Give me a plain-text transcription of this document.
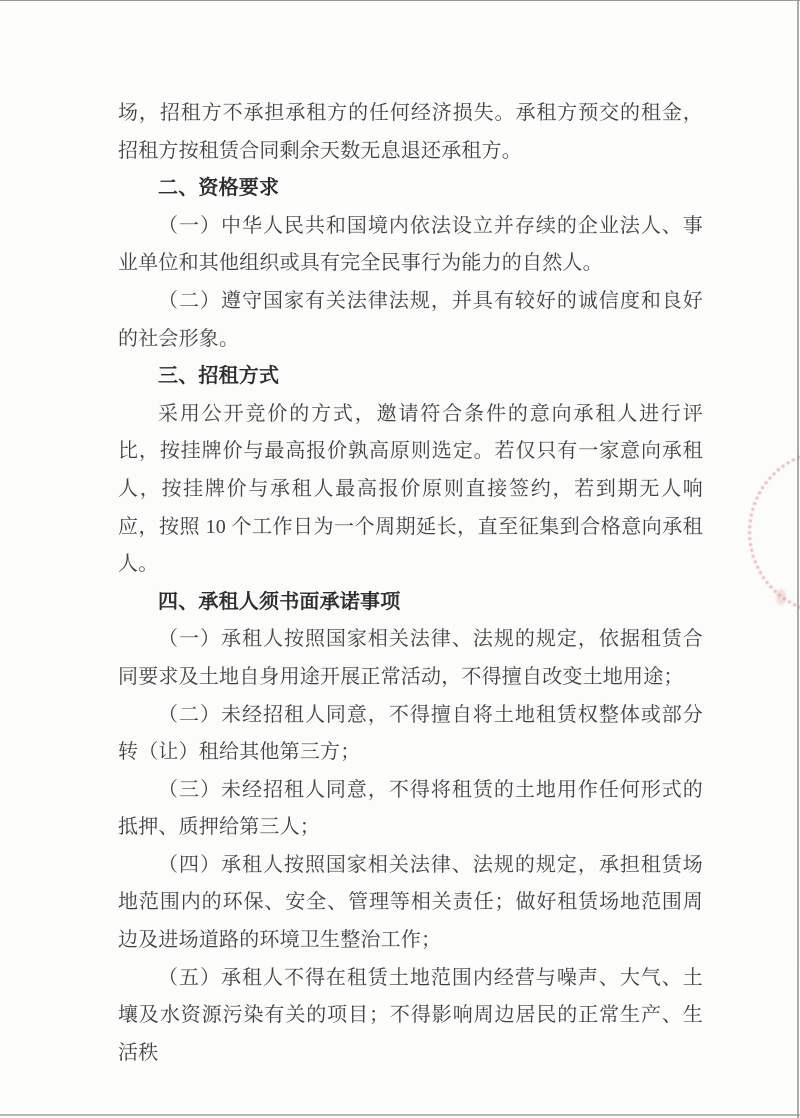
场，招租方不承担承租方的任何经济损失。承租方预交的租金，招租方按租赁合同剩余天数无息退还承租方。

二、资格要求

（一）中华人民共和国境内依法设立并存续的企业法人、事业单位和其他组织或具有完全民事行为能力的自然人。

（二）遵守国家有关法律法规，并具有较好的诚信度和良好的社会形象。

三、招租方式

采用公开竞价的方式，邀请符合条件的意向承租人进行评比，按挂牌价与最高报价孰高原则选定。若仅只有一家意向承租人，按挂牌价与承租人最高报价原则直接签约，若到期无人响应，按照 10 个工作日为一个周期延长，直至征集到合格意向承租人。

四、承租人须书面承诺事项

（一）承租人按照国家相关法律、法规的规定，依据租赁合同要求及土地自身用途开展正常活动，不得擅自改变土地用途；

（二）未经招租人同意，不得擅自将土地租赁权整体或部分转（让）租给其他第三方；

（三）未经招租人同意，不得将租赁的土地用作任何形式的抵押、质押给第三人；

（四）承租人按照国家相关法律、法规的规定，承担租赁场地范围内的环保、安全、管理等相关责任；做好租赁场地范围周边及进场道路的环境卫生整治工作；

（五）承租人不得在租赁土地范围内经营与噪声、大气、土壤及水资源污染有关的项目；不得影响周边居民的正常生产、生活秩
